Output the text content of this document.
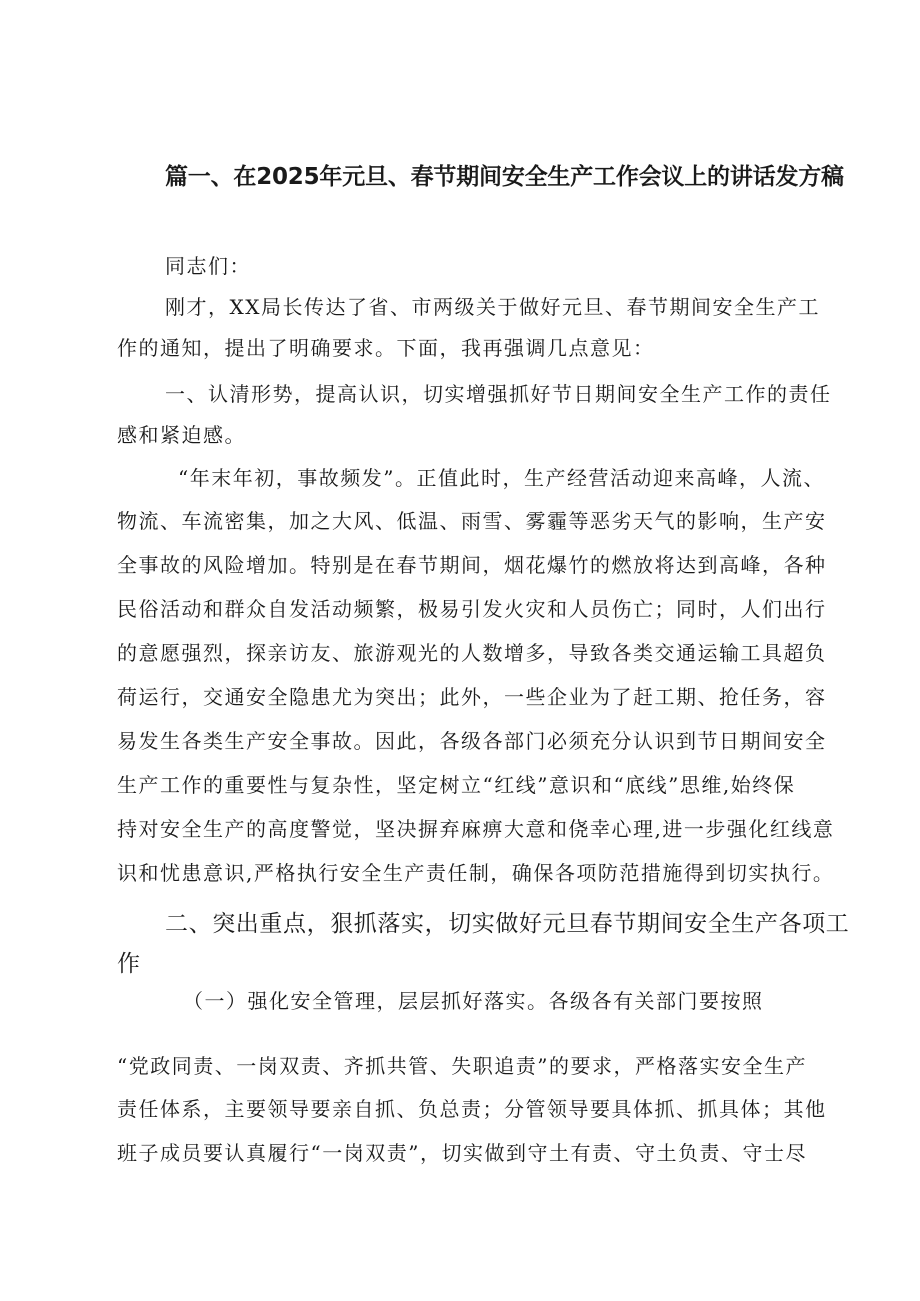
篇一、在2025年元旦、春节期间安全生产工作会议上的讲话发方稿
同志们：
刚才，XX局长传达了省、市两级关于做好元旦、春节期间安全生产工
作的通知，提出了明确要求。下面，我再强调几点意见：
一、认清形势，提高认识，切实增强抓好节日期间安全生产工作的责任
感和紧迫感。
“年末年初，事故频发”。正值此时，生产经营活动迎来高峰，人流、
物流、车流密集，加之大风、低温、雨雪、雾霾等恶劣天气的影响，生产安
全事故的风险增加。特别是在春节期间，烟花爆竹的燃放将达到高峰，各种
民俗活动和群众自发活动频繁，极易引发火灾和人员伤亡；同时，人们出行
的意愿强烈，探亲访友、旅游观光的人数增多，导致各类交通运输工具超负
荷运行，交通安全隐患尤为突出；此外，一些企业为了赶工期、抢任务，容
易发生各类生产安全事故。因此，各级各部门必须充分认识到节日期间安全
生产工作的重要性与复杂性，坚定树立“红线”意识和“底线”思维,始终保
持对安全生产的高度警觉，坚决摒弃麻痹大意和侥幸心理,进一步强化红线意
识和忧患意识,严格执行安全生产责任制，确保各项防范措施得到切实执行。
二、突出重点，狠抓落实，切实做好元旦春节期间安全生产各项工
作
（一）强化安全管理，层层抓好落实。各级各有关部门要按照
“党政同责、一岗双责、齐抓共管、失职追责”的要求，严格落实安全生产
责任体系，主要领导要亲自抓、负总责；分管领导要具体抓、抓具体；其他
班子成员要认真履行“一岗双责”，切实做到守土有责、守土负责、守士尽
